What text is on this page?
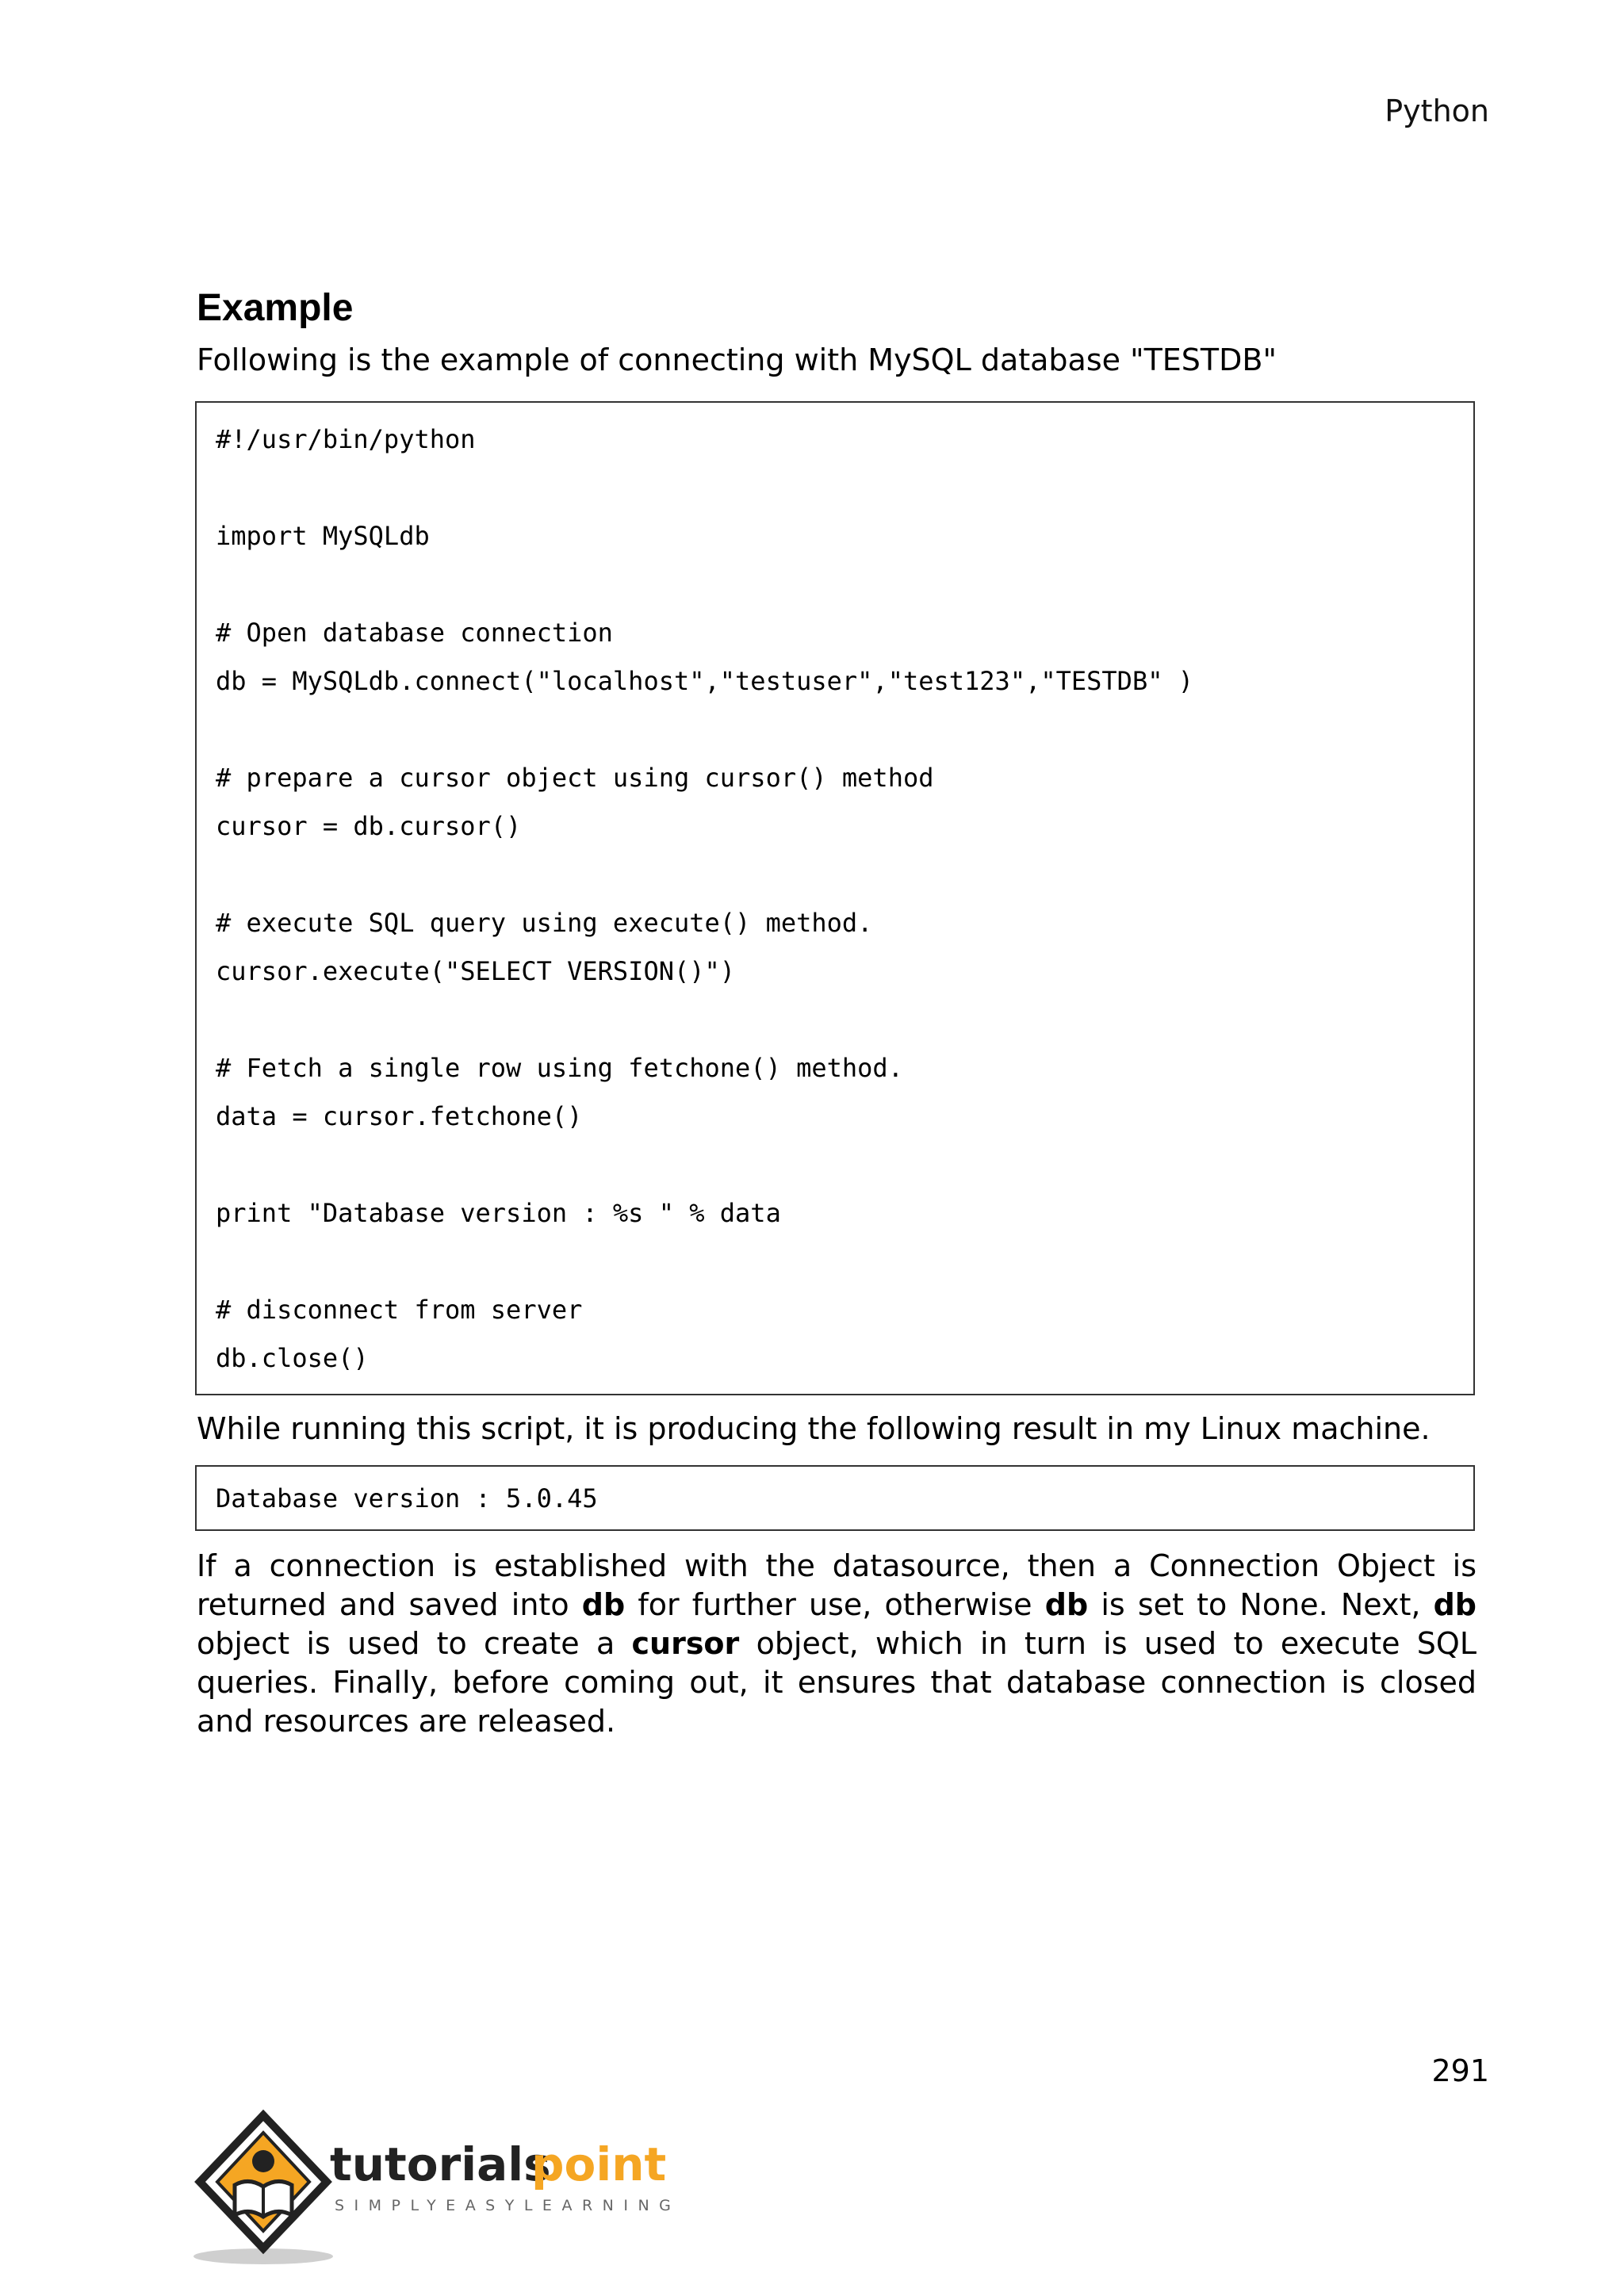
Python
Example

Following is the example of connecting with MySQL database "TESTDB"

#!/usr/bin/python
import MySQLdb
# Open database connection
db = MySQLdb.connect("localhost","testuser","test123","TESTDB" )
# prepare a cursor object using cursor() method
cursor = db.cursor()
# execute SQL query using execute() method.
cursor.execute("SELECT VERSION()")
# Fetch a single row using fetchone() method.
data = cursor.fetchone()
print "Database version : %s " % data
# disconnect from server
db.close()

While running this script, it is producing the following result in my Linux machine.

Database version : 5.0.45

If a connection is established with the datasource, then a Connection Object is returned and saved into db for further use, otherwise db is set to None. Next, db object is used to create a cursor object, which in turn is used to execute SQL queries. Finally, before coming out, it ensures that database connection is closed and resources are released.

291
tutorials
point
SIMPLYEASYLEARNING
